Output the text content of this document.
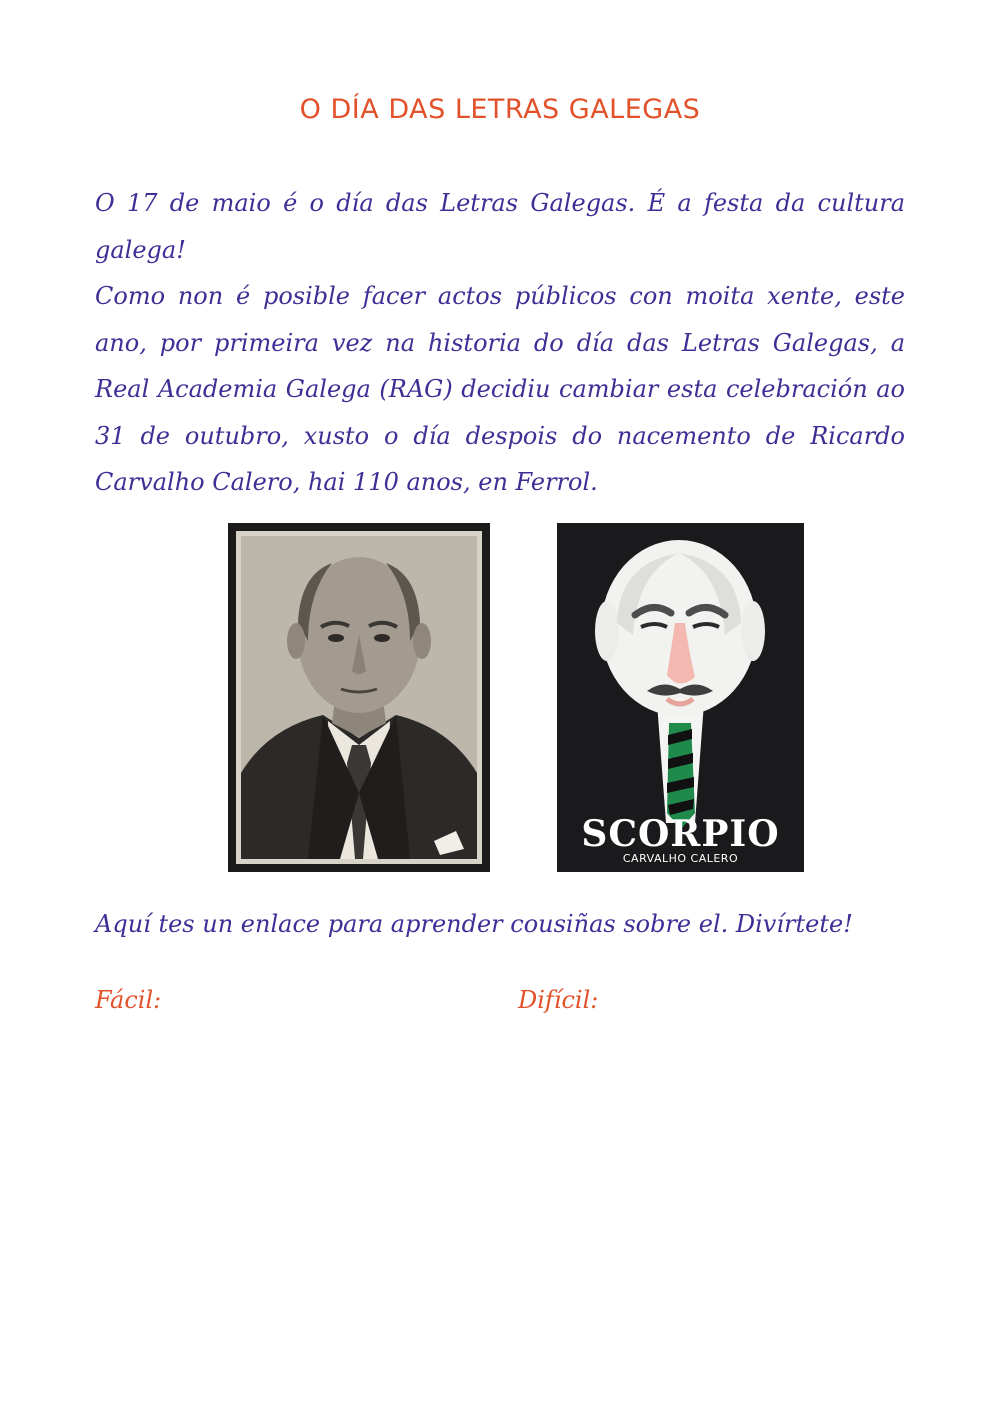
O DÍA DAS LETRAS GALEGAS

O 17 de maio é o día das Letras Galegas. É a festa da cultura galega!

Como non é posible facer actos públicos con moita xente, este ano, por primeira vez na historia do día das Letras Galegas, a Real Academia Galega (RAG) decidiu cambiar esta celebración ao 31 de outubro, xusto o día despois do nacemento de Ricardo Carvalho Calero, hai 110 anos, en Ferrol.

SCORPIO
CARVALHO CALERO
Aquí tes un enlace para aprender cousiñas sobre el. Divírtete!
Fácil:	Difícil:
